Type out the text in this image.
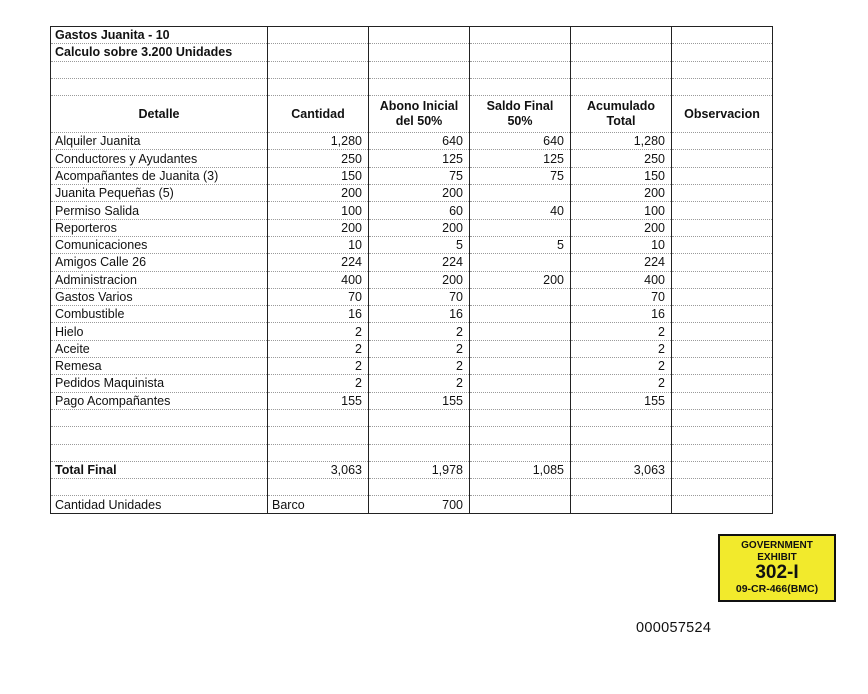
Gastos Juanita - 10					
Calculo sobre 3.200 Unidades					

Detalle	Cantidad	Abono Inicial del 50%	Saldo Final 50%	Acumulado Total	Observacion
Alquiler Juanita	1,280	640	640	1,280	
Conductores y Ayudantes	250	125	125	250	
Acompañantes de Juanita (3)	150	75	75	150	
Juanita Pequeñas (5)	200	200		200	
Permiso Salida	100	60	40	100	
Reporteros	200	200		200	
Comunicaciones	10	5	5	10	
Amigos Calle 26	224	224		224	
Administracion	400	200	200	400	
Gastos Varios	70	70		70	
Combustible	16	16		16	
Hielo	2	2		2	
Aceite	2	2		2	
Remesa	2	2		2	
Pedidos Maquinista	2	2		2	
Pago Acompañantes	155	155		155	

Total Final	3,063	1,978	1,085	3,063	

Cantidad Unidades	Barco	700			
GOVERNMENT
EXHIBIT
302-I
09-CR-466(BMC)
000057524
